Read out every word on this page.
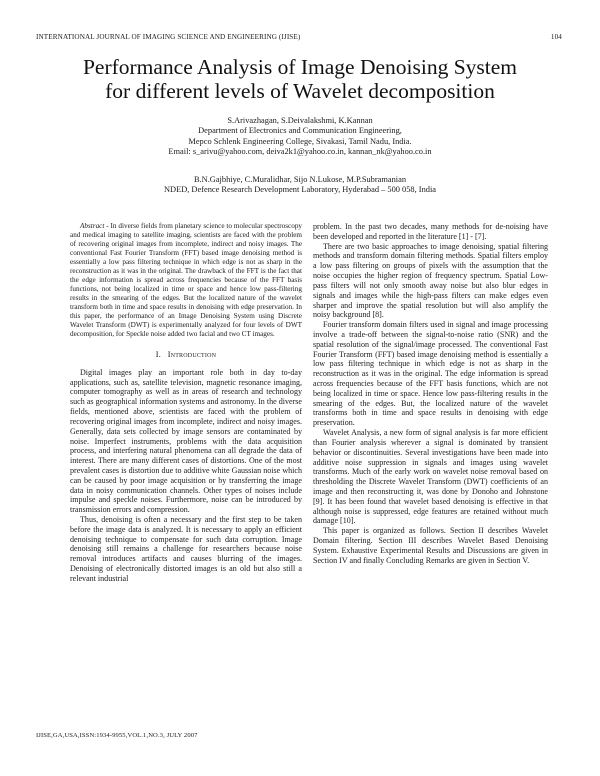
INTERNATIONAL JOURNAL OF IMAGING SCIENCE AND ENGINEERING (IJISE)	104
Performance Analysis of Image Denoising System
for different levels of Wavelet decomposition
S.Arivazhagan, S.Deivalakshmi, K.Kannan
Department of Electronics and Communication Engineering,
Mepco Schlenk Engineering College, Sivakasi, Tamil Nadu, India.
Email: s_arivu@yahoo.com, deiva2k1@yahoo.co.in, kannan_nk@yahoo.co.in
B.N.Gajbhiye, C.Muralidhar, Sijo N.Lukose, M.P.Subramanian
NDED, Defence Research Development Laboratory, Hyderabad – 500 058, India

Abstract - In diverse fields from planetary science to molecular spectroscopy and medical imaging to satellite imaging, scientists are faced with the problem of recovering original images from incomplete, indirect and noisy images. The conventional Fast Fourier Transform (FFT) based image denoising method is essentially a low pass filtering technique in which edge is not as sharp in the reconstruction as it was in the original. The drawback of the FFT is the fact that the edge information is spread across frequencies because of the FFT basis functions, not being localized in time or space and hence low pass-filtering results in the smearing of the edges. But the localized nature of the wavelet transform both in time and space results in denoising with edge preservation. In this paper, the performance of an Image Denoising System using Discrete Wavelet Transform (DWT) is experimentally analyzed for four levels of DWT decomposition, for Speckle noise added two facial and two CT images.

I. Introduction

Digital images play an important role both in day to-day applications, such as, satellite television, magnetic resonance imaging, computer tomography as well as in areas of research and technology such as geographical information systems and astronomy. In the diverse fields, mentioned above, scientists are faced with the problem of recovering original images from incomplete, indirect and noisy images. Generally, data sets collected by image sensors are contaminated by noise. Imperfect instruments, problems with the data acquisition process, and interfering natural phenomena can all degrade the data of interest. There are many different cases of distortions. One of the most prevalent cases is distortion due to additive white Gaussian noise which can be caused by poor image acquisition or by transferring the image data in noisy communication channels. Other types of noises include impulse and speckle noises. Furthermore, noise can be introduced by transmission errors and compression.

Thus, denoising is often a necessary and the first step to be taken before the image data is analyzed. It is necessary to apply an efficient denoising technique to compensate for such data corruption. Image denoising still remains a challenge for researchers because noise removal introduces artifacts and causes blurring of the images. Denoising of electronically distorted images is an old but also still a relevant industrial

problem. In the past two decades, many methods for de-noising have been developed and reported in the literature [1] - [7].

There are two basic approaches to image denoising, spatial filtering methods and transform domain filtering methods. Spatial filters employ a low pass filtering on groups of pixels with the assumption that the noise occupies the higher region of frequency spectrum. Spatial Low-pass filters will not only smooth away noise but also blur edges in signals and images while the high-pass filters can make edges even sharper and improve the spatial resolution but will also amplify the noisy background [8].

Fourier transform domain filters used in signal and image processing involve a trade-off between the signal-to-noise ratio (SNR) and the spatial resolution of the signal/image processed. The conventional Fast Fourier Transform (FFT) based image denoising method is essentially a low pass filtering technique in which edge is not as sharp in the reconstruction as it was in the original. The edge information is spread across frequencies because of the FFT basis functions, which are not being localized in time or space. Hence low pass-filtering results in the smearing of the edges. But, the localized nature of the wavelet transforms both in time and space results in denoising with edge preservation.

Wavelet Analysis, a new form of signal analysis is far more efficient than Fourier analysis wherever a signal is dominated by transient behavior or discontinuities. Several investigations have been made into additive noise suppression in signals and images using wavelet transforms. Much of the early work on wavelet noise removal based on thresholding the Discrete Wavelet Transform (DWT) coefficients of an image and then reconstructing it, was done by Donoho and Johnstone [9]. It has been found that wavelet based denoising is effective in that although noise is suppressed, edge features are retained without much damage [10].

This paper is organized as follows. Section II describes Wavelet Domain filtering. Section III describes Wavelet Based Denoising System. Exhaustive Experimental Results and Discussions are given in Section IV and finally Concluding Remarks are given in Section V.

IJISE,GA,USA,ISSN:1934-9955,VOL.1,NO.3, JULY 2007
